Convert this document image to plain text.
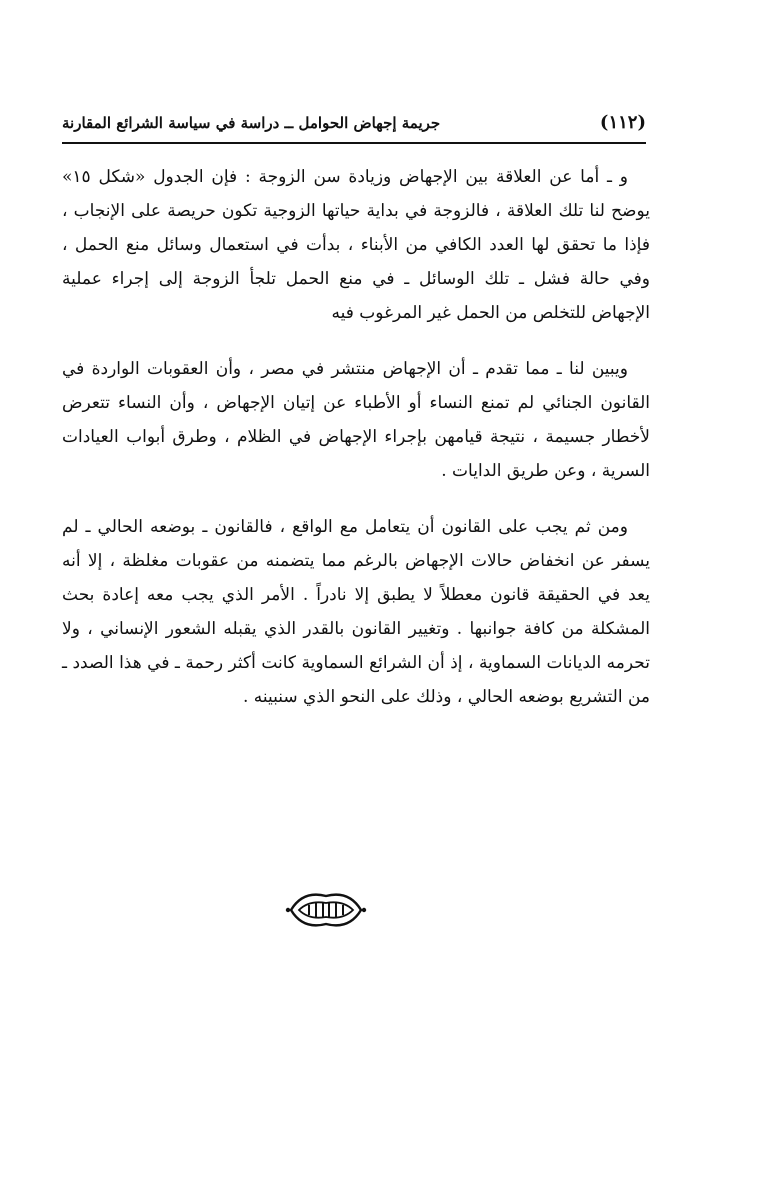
(١١٢)
جريمة إجهاض الحوامل ــ دراسة في سياسة الشرائع المقارنة

و ـ أما عن العلاقة بين الإجهاض وزيادة سن الزوجة : فإن الجدول «شكل ١٥» يوضح لنا تلك العلاقة ، فالزوجة في بداية حياتها الزوجية تكون حريصة على الإنجاب ، فإذا ما تحقق لها العدد الكافي من الأبناء ، بدأت في استعمال وسائل منع الحمل ، وفي حالة فشل ـ تلك الوسائل ـ في منع الحمل تلجأ الزوجة إلى إجراء عملية الإجهاض للتخلص من الحمل غير المرغوب فيه

ويبين لنا ـ مما تقدم ـ أن الإجهاض منتشر في مصر ، وأن العقوبات الواردة في القانون الجنائي لم تمنع النساء أو الأطباء عن إتيان الإجهاض ، وأن النساء تتعرض لأخطار جسيمة ، نتيجة قيامهن بإجراء الإجهاض في الظلام ، وطرق أبواب العيادات السرية ، وعن طريق الدايات .

ومن ثم يجب على القانون أن يتعامل مع الواقع ، فالقانون ـ بوضعه الحالي ـ لم يسفر عن انخفاض حالات الإجهاض بالرغم مما يتضمنه من عقوبات مغلظة ، إلا أنه يعد في الحقيقة قانون معطلاً لا يطبق إلا نادراً . الأمر الذي يجب معه إعادة بحث المشكلة من كافة جوانبها . وتغيير القانون بالقدر الذي يقبله الشعور الإنساني ، ولا تحرمه الديانات السماوية ، إذ أن الشرائع السماوية كانت أكثر رحمة ـ في هذا الصدد ـ من التشريع بوضعه الحالي ، وذلك على النحو الذي سنبينه .
